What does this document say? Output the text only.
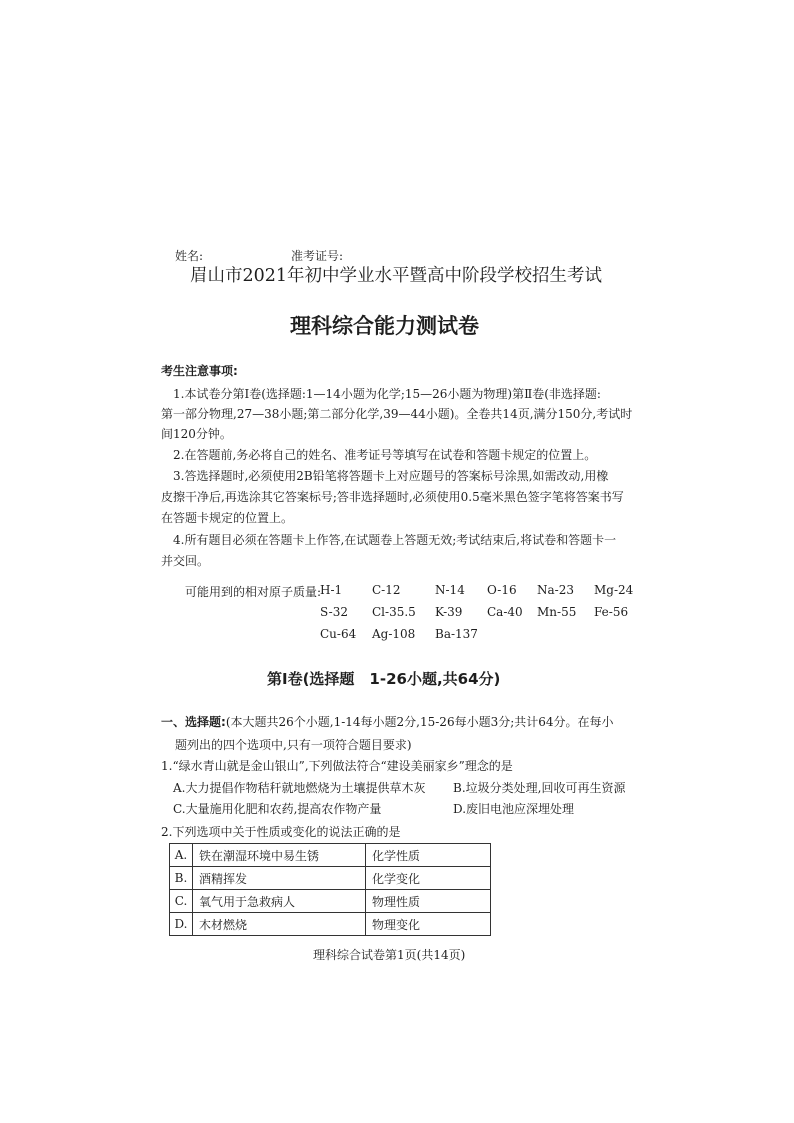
姓名:	准考证号:
眉山市2021年初中学业水平暨高中阶段学校招生考试
理科综合能力测试卷
考生注意事项:
1.本试卷分第Ⅰ卷(选择题:1—14小题为化学;15—26小题为物理)第Ⅱ卷(非选择题:
第一部分物理,27—38小题;第二部分化学,39—44小题)。全卷共14页,满分150分,考试时
间120分钟。
2.在答题前,务必将自己的姓名、准考证号等填写在试卷和答题卡规定的位置上。
3.答选择题时,必须使用2B铅笔将答题卡上对应题号的答案标号涂黑,如需改动,用橡
皮擦干净后,再选涂其它答案标号;答非选择题时,必须使用0.5毫米黑色签字笔将答案书写
在答题卡规定的位置上。
4.所有题目必须在答题卡上作答,在试题卷上答题无效;考试结束后,将试卷和答题卡一
并交回。
可能用到的相对原子质量:
H-1 C-12	N-14 O-16 Na-23 Mg-24
S-32 Cl-35.5 K-39 Ca-40 Mn-55 Fe-56
Cu-64 Ag-108 Ba-137
第Ⅰ卷(选择题　1-26小题,共64分)
一、选择题:(本大题共26个小题,1-14每小题2分,15-26每小题3分;共计64分。在每小
题列出的四个选项中,只有一项符合题目要求)
1.“绿水青山就是金山银山”,下列做法符合“建设美丽家乡”理念的是
A.大力提倡作物秸秆就地燃烧为土壤提供草木灰 B.垃圾分类处理,回收可再生资源
C.大量施用化肥和农药,提高农作物产量	D.废旧电池应深埋处理
2.下列选项中关于性质或变化的说法正确的是
A.	铁在潮湿环境中易生锈	化学性质
B.	酒精挥发	化学变化
C.	氧气用于急救病人	物理性质
D.	木材燃烧	物理变化
理科综合试卷第1页(共14页)
